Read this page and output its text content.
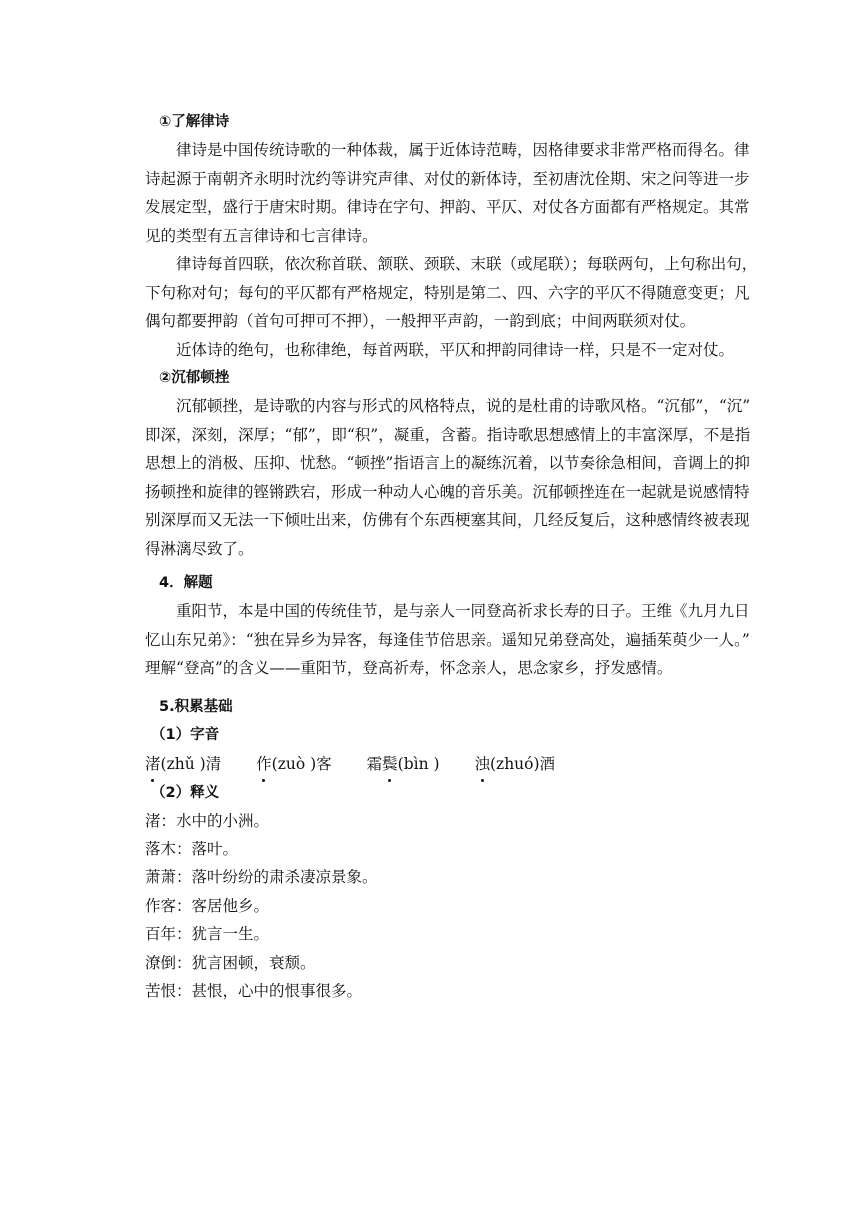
①了解律诗
律诗是中国传统诗歌的一种体裁，属于近体诗范畴，因格律要求非常严格而得名。律
诗起源于南朝齐永明时沈约等讲究声律、对仗的新体诗，至初唐沈佺期、宋之问等进一步
发展定型，盛行于唐宋时期。律诗在字句、押韵、平仄、对仗各方面都有严格规定。其常
见的类型有五言律诗和七言律诗。
律诗每首四联，依次称首联、颔联、颈联、末联（或尾联）；每联两句，上句称出句，
下句称对句；每句的平仄都有严格规定，特别是第二、四、六字的平仄不得随意变更；凡
偶句都要押韵（首句可押可不押），一般押平声韵，一韵到底；中间两联须对仗。
近体诗的绝句，也称律绝，每首两联，平仄和押韵同律诗一样，只是不一定对仗。
②沉郁顿挫
沉郁顿挫，是诗歌的内容与形式的风格特点，说的是杜甫的诗歌风格。“沉郁”，“沉”
即深，深刻，深厚；“郁”，即“积”，凝重，含蓄。指诗歌思想感情上的丰富深厚，不是指
思想上的消极、压抑、忧愁。“顿挫”指语言上的凝练沉着，以节奏徐急相间，音调上的抑
扬顿挫和旋律的铿锵跌宕，形成一种动人心魄的音乐美。沉郁顿挫连在一起就是说感情特
别深厚而又无法一下倾吐出来，仿佛有个东西梗塞其间，几经反复后，这种感情终被表现
得淋漓尽致了。
4．解题
重阳节，本是中国的传统佳节，是与亲人一同登高祈求长寿的日子。王维《九月九日
忆山东兄弟》：“独在异乡为异客，每逢佳节倍思亲。遥知兄弟登高处，遍插茱萸少一人。”
理解“登高”的含义——重阳节，登高祈寿，怀念亲人，思念家乡，抒发感情。
5.积累基础
（1）字音
渚(zhǔ )清 作(zuò )客 霜鬓(bìn ) 浊(zhuó)酒
（2）释义
渚：水中的小洲。
落木：落叶。
萧萧：落叶纷纷的肃杀凄凉景象。
作客：客居他乡。
百年：犹言一生。
潦倒：犹言困顿，衰颓。
苦恨：甚恨，心中的恨事很多。
